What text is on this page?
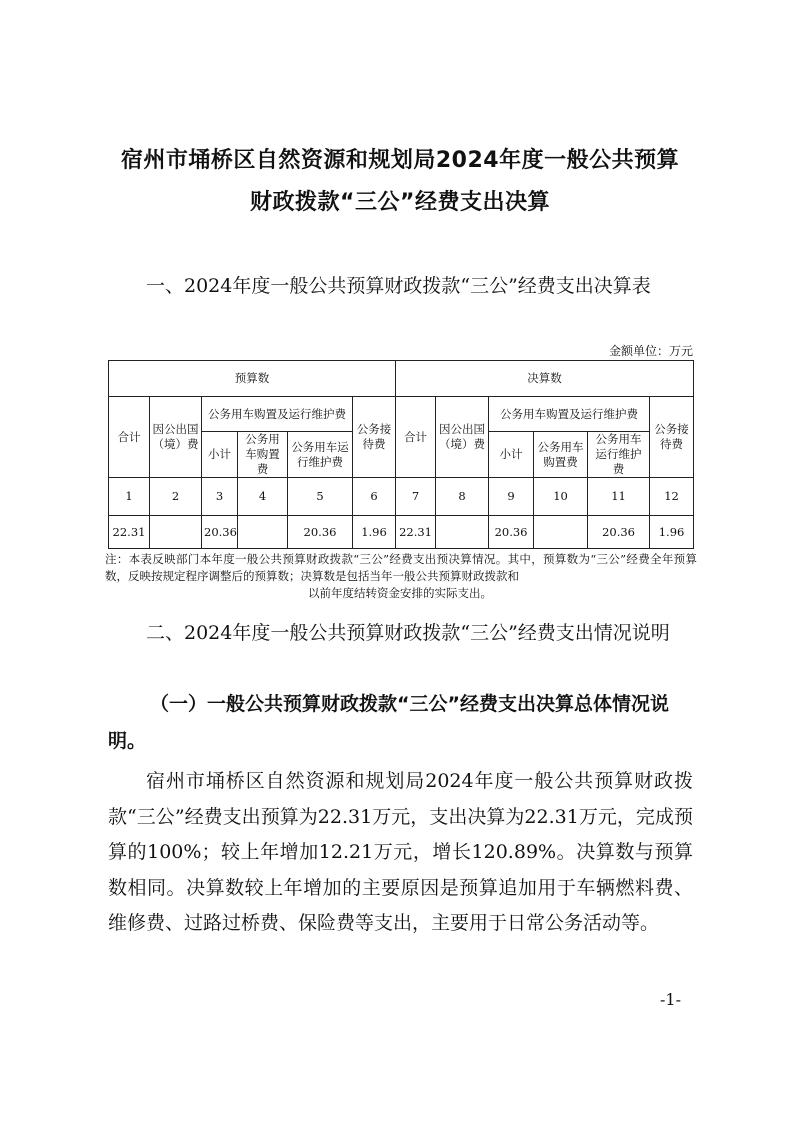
宿州市埇桥区自然资源和规划局2024年度一般公共预算
财政拨款“三公”经费支出决算
一、2024年度一般公共预算财政拨款“三公”经费支出决算表
金额单位：万元
预算数						决算数					
合计	因公出国（境）费	公务用车购置及运行维护费			公务接待费	合计	因公出国（境）费	公务用车购置及运行维护费			公务接待费
		小计	公务用车购置费	公务用车运行维护费				小计	公务用车购置费	公务用车运行维护费	
1	2	3	4	5	6	7	8	9	10	11	12
22.31		20.36		20.36	1.96	22.31		20.36		20.36	1.96
注：本表反映部门本年度一般公共预算财政拨款“三公”经费支出预决算情况。其中，预算数为“三公”经费全年预算数，反映按规定程序调整后的预算数；决算数是包括当年一般公共预算财政拨款和
以前年度结转资金安排的实际支出。
二、2024年度一般公共预算财政拨款“三公”经费支出情况说明
（一）一般公共预算财政拨款“三公”经费支出决算总体情况说明。
宿州市埇桥区自然资源和规划局2024年度一般公共预算财政拨款“三公”经费支出预算为22.31万元，支出决算为22.31万元，完成预算的100%；较上年增加12.21万元，增长120.89%。决算数与预算数相同。决算数较上年增加的主要原因是预算追加用于车辆燃料费、维修费、过路过桥费、保险费等支出，主要用于日常公务活动等。
-1-
